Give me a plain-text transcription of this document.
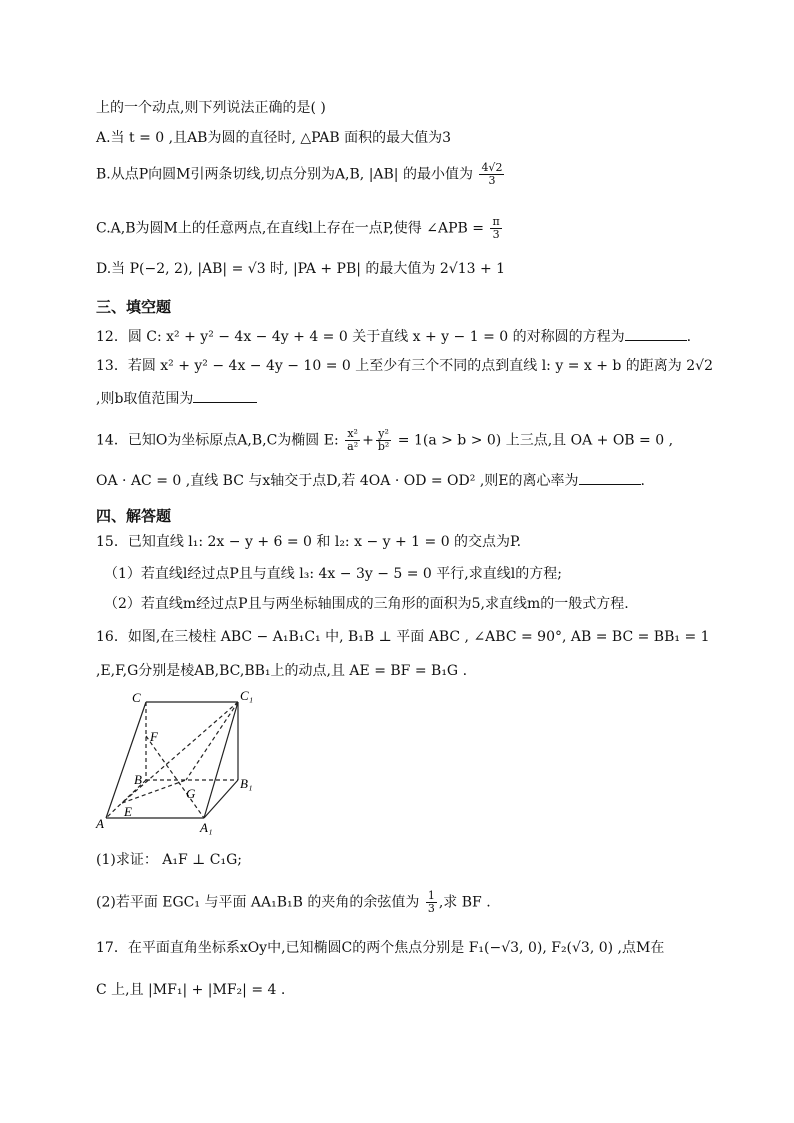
上的一个动点,则下列说法正确的是( )
A.当 t = 0 ,且AB为圆的直径时, △PAB 面积的最大值为3
B.从点P向圆M引两条切线,切点分别为A,B, |AB| 的最小值为 $\frac{4√2}{3}$
C.A,B为圆M上的任意两点,在直线l上存在一点P,使得 ∠APB = $\frac{\pi}{3}$
D.当 P(−2, 2), |AB| = √3 时, |PA + PB| 的最大值为 2√13 + 1
三、填空题
12．圆 C: x² + y² − 4x − 4y + 4 = 0 关于直线 x + y − 1 = 0 的对称圆的方程为	.
13．若圆 x² + y² − 4x − 4y − 10 = 0 上至少有三个不同的点到直线 l: y = x + b 的距离为 2√2
,则b取值范围为
14．已知O为坐标原点A,B,C为椭圆 E: $\frac{\text{x²}}{\text{a²}} + \frac{\text{y²}}{\text{b²}} = 1(a > b > 0)$ 上三点,且 OA + OB = 0 ,
OA · AC = 0 ,直线 BC 与x轴交于点D,若 4OA · OD = OD² ,则E的离心率为	.
四、解答题
15．已知直线 l₁: 2x − y + 6 = 0 和 l₂: x − y + 1 = 0 的交点为P.
（1）若直线l经过点P且与直线 l₃: 4x − 3y − 5 = 0 平行,求直线l的方程;
（2）若直线m经过点P且与两坐标轴围成的三角形的面积为5,求直线m的一般式方程.
16．如图,在三棱柱 ABC − A₁B₁C₁ 中, B₁B ⊥ 平面 ABC , ∠ABC = 90°, AB = BC = BB₁ = 1
,E,F,G分别是棱AB,BC,BB₁上的动点,且 AE = BF = B₁G .
C	C₁
F
B	B₁
G
E
A	A₁
(1)求证： A₁F ⊥ C₁G;
(2)若平面 EGC₁ 与平面 AA₁B₁B 的夹角的余弦值为 $\frac{1}{3}$ ,求 BF .
17．在平面直角坐标系xOy中,已知椭圆C的两个焦点分别是 F₁(−√3, 0), F₂(√3, 0) ,点M在
C 上,且 |MF₁| + |MF₂| = 4 .
